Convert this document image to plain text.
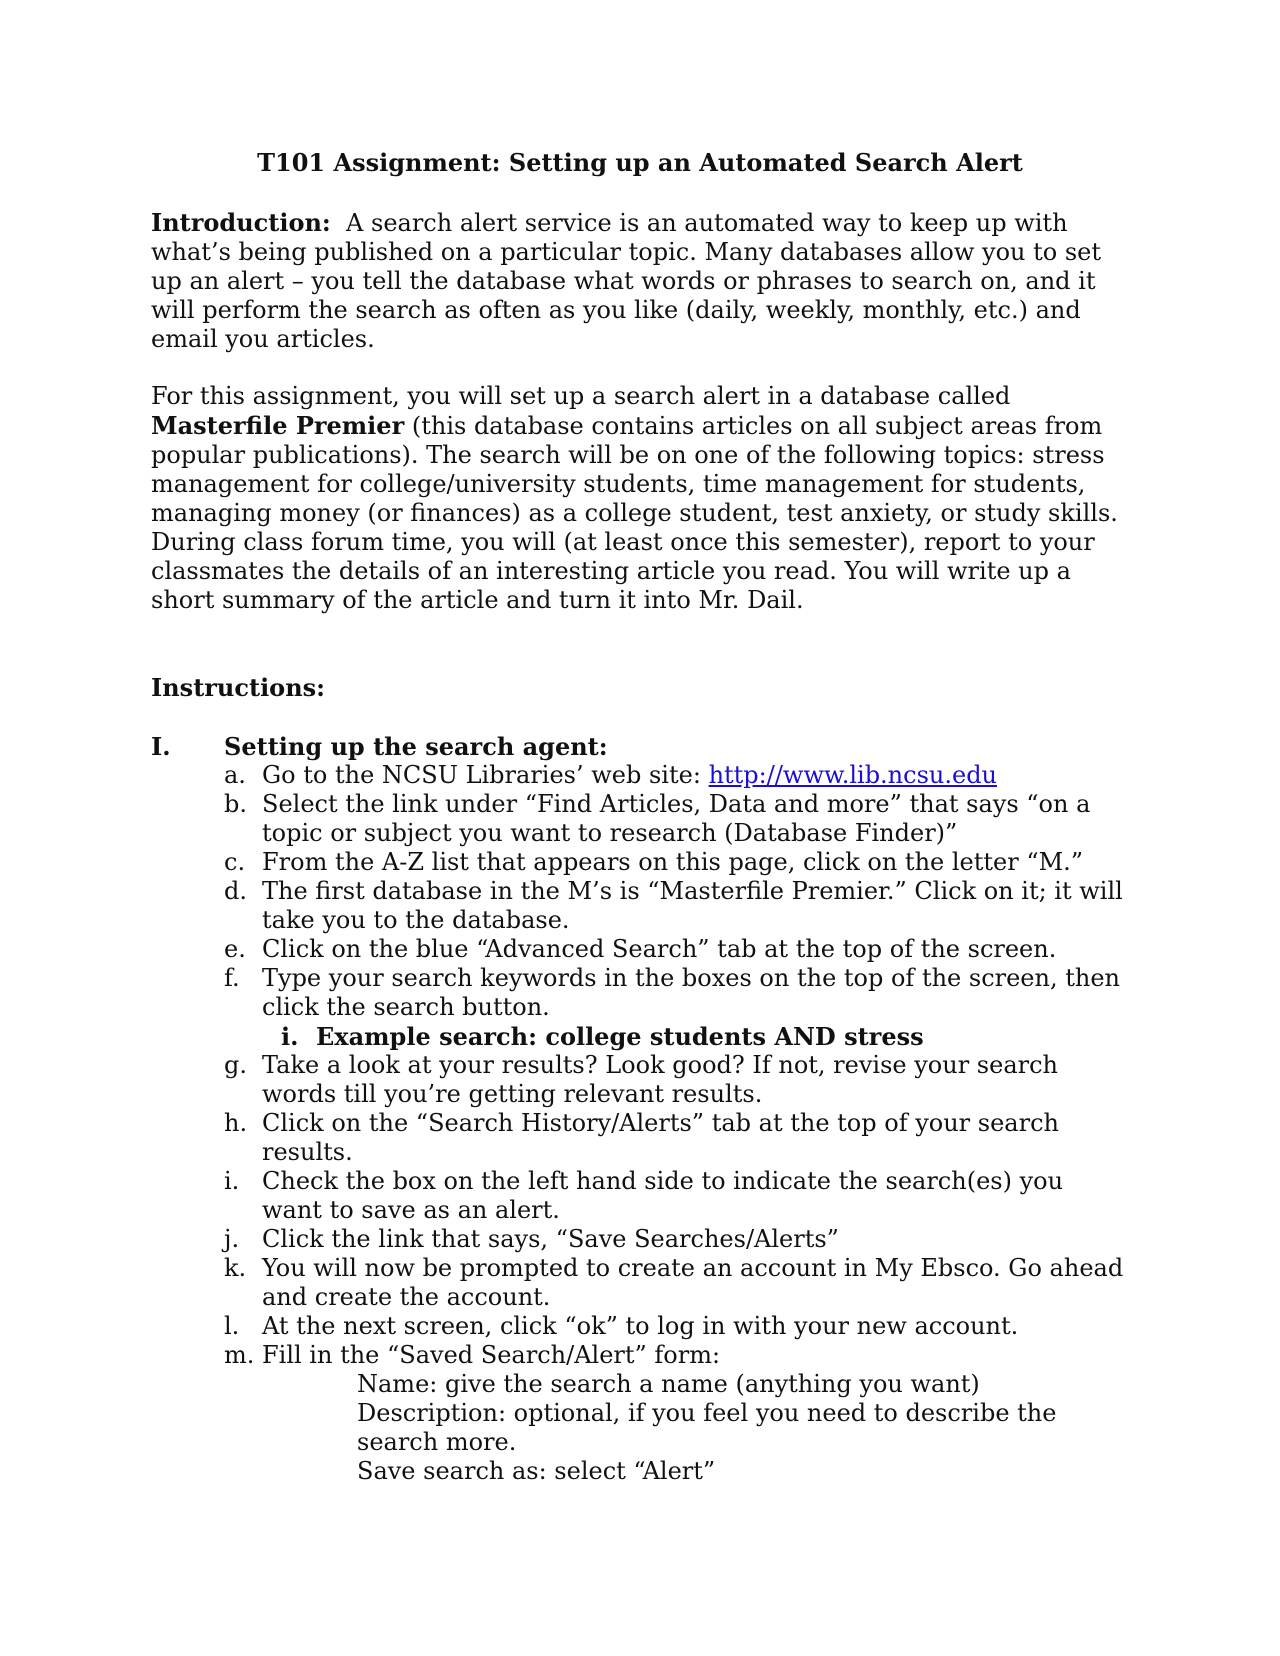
T101 Assignment: Setting up an Automated Search Alert

Introduction: A search alert service is an automated way to keep up with what’s being published on a particular topic. Many databases allow you to set up an alert – you tell the database what words or phrases to search on, and it will perform the search as often as you like (daily, weekly, monthly, etc.) and email you articles.

For this assignment, you will set up a search alert in a database called Masterfile Premier (this database contains articles on all subject areas from popular publications). The search will be on one of the following topics: stress management for college/university students, time management for students, managing money (or finances) as a college student, test anxiety, or study skills. During class forum time, you will (at least once this semester), report to your classmates the details of an interesting article you read. You will write up a short summary of the article and turn it into Mr. Dail.

Instructions:

I. Setting up the search agent:
a. Go to the NCSU Libraries’ web site: http://www.lib.ncsu.edu
b. Select the link under “Find Articles, Data and more” that says “on a topic or subject you want to research (Database Finder)”
c. From the A-Z list that appears on this page, click on the letter “M.”
d. The first database in the M’s is “Masterfile Premier.” Click on it; it will take you to the database.
e. Click on the blue “Advanced Search” tab at the top of the screen.
f. Type your search keywords in the boxes on the top of the screen, then click the search button.
i. Example search: college students AND stress
g. Take a look at your results? Look good? If not, revise your search words till you’re getting relevant results.
h. Click on the “Search History/Alerts” tab at the top of your search results.
i. Check the box on the left hand side to indicate the search(es) you want to save as an alert.
j. Click the link that says, “Save Searches/Alerts”
k. You will now be prompted to create an account in My Ebsco. Go ahead and create the account.
l. At the next screen, click “ok” to log in with your new account.
m. Fill in the “Saved Search/Alert” form:

Name: give the search a name (anything you want)

Description: optional, if you feel you need to describe the search more.

Save search as: select “Alert”
